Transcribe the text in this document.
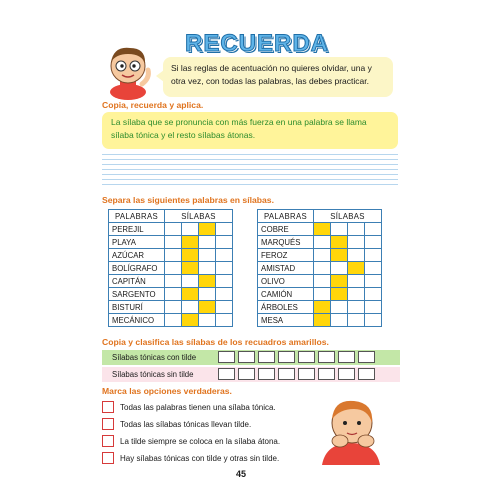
RECUERDA
Si las reglas de acentuación no quieres olvidar, una y otra vez, con todas las palabras, las debes practicar.
Copia, recuerda y aplica.
La sílaba que se pronuncia con más fuerza en una palabra se llama sílaba tónica y el resto sílabas átonas.
Separa las siguientes palabras en sílabas.
PALABRAS	SÍLABAS			
PEREJIL				
PLAYA				
AZÚCAR				
BOLÍGRAFO				
CAPITÁN				
SARGENTO				
BISTURÍ				
MECÁNICO				
PALABRAS	SÍLABAS			
COBRE				
MARQUÉS				
FEROZ				
AMISTAD				
OLIVO				
CAMIÓN				
ÁRBOLES				
MESA				
Copia y clasifica las sílabas de los recuadros amarillos.
Sílabas tónicas con tilde
Sílabas tónicas sin tilde
Marca las opciones verdaderas.
Todas las palabras tienen una sílaba tónica.
Todas las sílabas tónicas llevan tilde.
La tilde siempre se coloca en la sílaba átona.
Hay sílabas tónicas con tilde y otras sin tilde.
45
